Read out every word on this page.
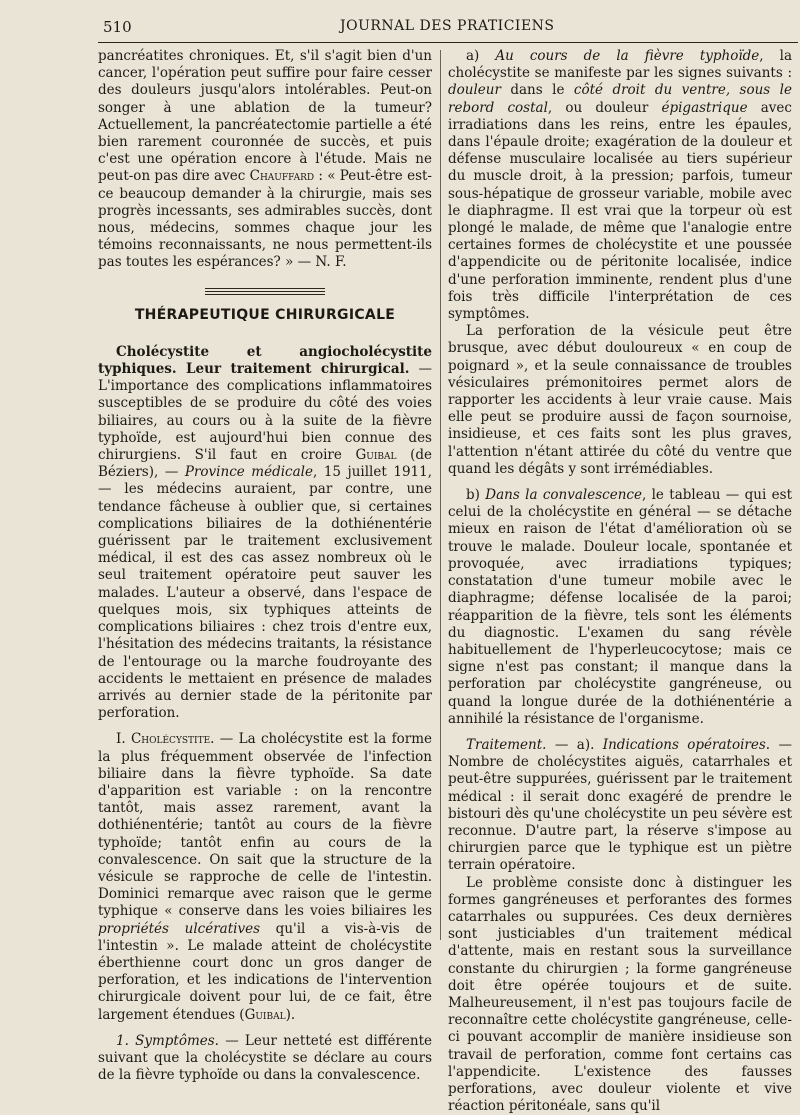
510	JOURNAL DES PRATICIENS

pancréatites chroniques. Et, s'il s'agit bien d'un cancer, l'opération peut suffire pour faire cesser des douleurs jusqu'alors intolérables. Peut-on songer à une ablation de la tumeur? Actuellement, la pancréatectomie partielle a été bien rarement couronnée de succès, et puis c'est une opération encore à l'étude. Mais ne peut-on pas dire avec Chauffard : « Peut-être est-ce beaucoup demander à la chirurgie, mais ses progrès incessants, ses admirables succès, dont nous, médecins, sommes chaque jour les témoins reconnaissants, ne nous permettent-ils pas toutes les espérances? » — N. F.

THÉRAPEUTIQUE CHIRURGICALE

Cholécystite et angiocholécystite typhiques. Leur traitement chirurgical. — L'importance des complications inflammatoires susceptibles de se produire du côté des voies biliaires, au cours ou à la suite de la fièvre typhoïde, est aujourd'hui bien connue des chirurgiens. S'il faut en croire Guibal (de Béziers), — Province médicale, 15 juillet 1911, — les médecins auraient, par contre, une tendance fâcheuse à oublier que, si certaines complications biliaires de la dothiénentérie guérissent par le traitement exclusivement médical, il est des cas assez nombreux où le seul traitement opératoire peut sauver les malades. L'auteur a observé, dans l'espace de quelques mois, six typhiques atteints de complications biliaires : chez trois d'entre eux, l'hésitation des médecins traitants, la résistance de l'entourage ou la marche foudroyante des accidents le mettaient en présence de malades arrivés au dernier stade de la péritonite par perforation.

I. Cholécystite. — La cholécystite est la forme la plus fréquemment observée de l'infection biliaire dans la fièvre typhoïde. Sa date d'apparition est variable : on la rencontre tantôt, mais assez rarement, avant la dothiénentérie; tantôt au cours de la fièvre typhoïde; tantôt enfin au cours de la convalescence. On sait que la structure de la vésicule se rapproche de celle de l'intestin. Dominici remarque avec raison que le germe typhique « conserve dans les voies biliaires les propriétés ulcératives qu'il a vis-à-vis de l'intestin ». Le malade atteint de cholécystite éberthienne court donc un gros danger de perforation, et les indications de l'intervention chirurgicale doivent pour lui, de ce fait, être largement étendues (Guibal).

1. Symptômes. — Leur netteté est différente suivant que la cholécystite se déclare au cours de la fièvre typhoïde ou dans la convalescence.

a) Au cours de la fièvre typhoïde, la cholécystite se manifeste par les signes suivants : douleur dans le côté droit du ventre, sous le rebord costal, ou douleur épigastrique avec irradiations dans les reins, entre les épaules, dans l'épaule droite; exagération de la douleur et défense musculaire localisée au tiers supérieur du muscle droit, à la pression; parfois, tumeur sous-hépatique de grosseur variable, mobile avec le diaphragme. Il est vrai que la torpeur où est plongé le malade, de même que l'analogie entre certaines formes de cholécystite et une poussée d'appendicite ou de péritonite localisée, indice d'une perforation imminente, rendent plus d'une fois très difficile l'interprétation de ces symptômes.

La perforation de la vésicule peut être brusque, avec début douloureux « en coup de poignard », et la seule connaissance de troubles vésiculaires prémonitoires permet alors de rapporter les accidents à leur vraie cause. Mais elle peut se produire aussi de façon sournoise, insidieuse, et ces faits sont les plus graves, l'attention n'étant attirée du côté du ventre que quand les dégâts y sont irrémédiables.

b) Dans la convalescence, le tableau — qui est celui de la cholécystite en général — se détache mieux en raison de l'état d'amélioration où se trouve le malade. Douleur locale, spontanée et provoquée, avec irradiations typiques; constatation d'une tumeur mobile avec le diaphragme; défense localisée de la paroi; réapparition de la fièvre, tels sont les éléments du diagnostic. L'examen du sang révèle habituellement de l'hyperleucocytose; mais ce signe n'est pas constant; il manque dans la perforation par cholécystite gangréneuse, ou quand la longue durée de la dothiénentérie a annihilé la résistance de l'organisme.

Traitement. — a). Indications opératoires. — Nombre de cholécystites aiguës, catarrhales et peut-être suppurées, guérissent par le traitement médical : il serait donc exagéré de prendre le bistouri dès qu'une cholécystite un peu sévère est reconnue. D'autre part, la réserve s'impose au chirurgien parce que le typhique est un piètre terrain opératoire.

Le problème consiste donc à distinguer les formes gangréneuses et perforantes des formes catarrhales ou suppurées. Ces deux dernières sont justiciables d'un traitement médical d'attente, mais en restant sous la surveillance constante du chirurgien ; la forme gangréneuse doit être opérée toujours et de suite. Malheureusement, il n'est pas toujours facile de reconnaître cette cholécystite gangréneuse, celle-ci pouvant accomplir de manière insidieuse son travail de perforation, comme font certains cas l'appendicite. L'existence des fausses perforations, avec douleur violente et vive réaction péritonéale, sans qu'il
